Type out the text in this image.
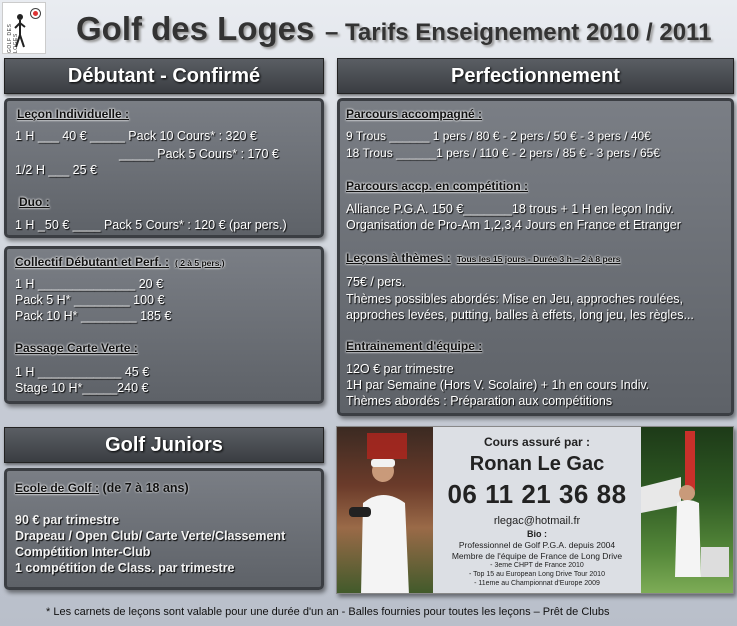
GOLF DES LOGES Golf des Loges – Tarifs Enseignement 2010 / 2011
Débutant - Confirmé	Perfectionnement
Golf Juniors
Leçon Individuelle :
1 H ___ 40 € _____ Pack 10 Cours* : 320 €
_____ Pack 5 Cours* : 170 €
1/2 H ___ 25 €
Duo :
1 H _50 € ____ Pack 5 Cours* : 120 € (par pers.)
Collectif Débutant et Perf. : ( 2 à 5 pers.)
1 H ______________ 20 €
Pack 5 H* ________ 100 €
Pack 10 H* ________ 185 €
Passage Carte Verte :
1 H ____________ 45 €
Stage 10 H*_____240 €
Ecole de Golf : (de 7 à 18 ans)
90 € par trimestre
Drapeau / Open Club/ Carte Verte/Classement
Compétition Inter-Club
1 compétition de Class. par trimestre
Parcours accompagné :
9 Trous ______ 1 pers / 80 € - 2 pers / 50 € - 3 pers / 40€
18 Trous ______1 pers / 110 € - 2 pers / 85 € - 3 pers / 65€
Parcours accp. en compétition :
Alliance P.G.A. 150 €_______18 trous + 1 H en leçon Indiv.
Organisation de Pro-Am 1,2,3,4 Jours en France et Etranger
Leçons à thèmes : Tous les 15 jours - Durée 3 h – 2 à 8 pers
75€ / pers.
Thèmes possibles abordés: Mise en Jeu, approches roulées,
approches levées, putting, balles à effets, long jeu, les règles...
Entrainement d'équipe :
12O € par trimestre
1H par Semaine (Hors V. Scolaire) + 1h en cours Indiv.
Thèmes abordés : Préparation aux compétitions
Cours assuré par :
Ronan Le Gac
06 11 21 36 88
rlegac@hotmail.fr
Bio :
Professionnel de Golf P.G.A. depuis 2004
Membre de l'équipe de France de Long Drive
- 3eme CHPT de France 2010
- Top 15 au European Long Drive Tour 2010
- 11eme au Championnat d'Europe 2009
* Les carnets de leçons sont valable pour une durée d'un an - Balles fournies pour toutes les leçons – Prêt de Clubs
